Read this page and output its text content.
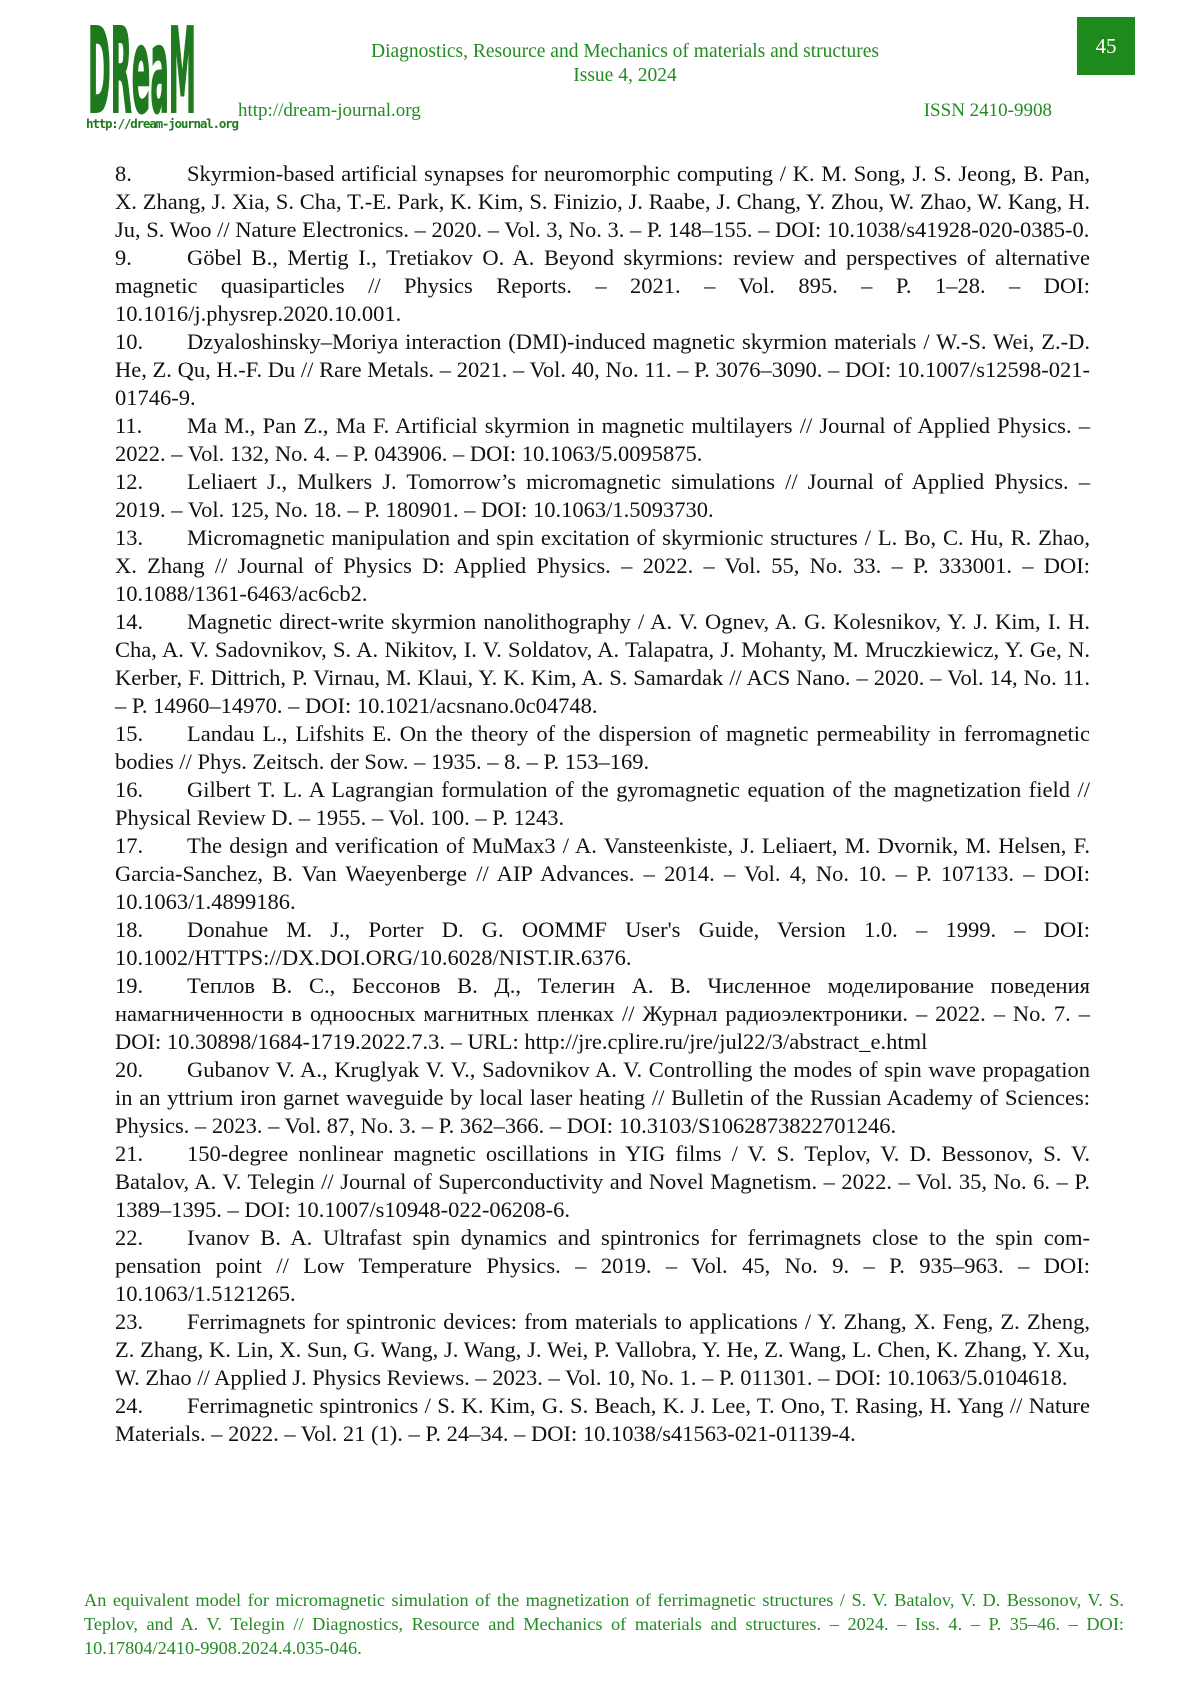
DReaM
http://dream-journal.org
Diagnostics, Resource and Mechanics of materials and structures
Issue 4, 2024
45
http://dream-journal.org	ISSN 2410-9908

8. Skyrmion-based artificial synapses for neuromorphic computing / K. M. Song, J. S. Jeong, B. Pan, X. Zhang, J. Xia, S. Cha, T.-E. Park, K. Kim, S. Finizio, J. Raabe, J. Chang, Y. Zhou, W. Zhao, W. Kang, H. Ju, S. Woo // Nature Electronics. – 2020. – Vol. 3, No. 3. – P. 148–155. – DOI: 10.1038/s41928-020-0385-0.

9. Göbel B., Mertig I., Tretiakov O. A. Beyond skyrmions: review and perspectives of alternative magnetic quasiparticles // Physics Reports. – 2021. – Vol. 895. – P. 1–28. – DOI: 10.1016/j.physrep.2020.10.001.

10. Dzyaloshinsky–Moriya interaction (DMI)-induced magnetic skyrmion materials / W.-S. Wei, Z.-D. He, Z. Qu, H.-F. Du // Rare Metals. – 2021. – Vol. 40, No. 11. – P. 3076–3090. – DOI: 10.1007/s12598-021-01746-9.

11. Ma M., Pan Z., Ma F. Artificial skyrmion in magnetic multilayers // Journal of Applied Physics. – 2022. – Vol. 132, No. 4. – P. 043906. – DOI: 10.1063/5.0095875.

12. Leliaert J., Mulkers J. Tomorrow’s micromagnetic simulations // Journal of Applied Physics. – 2019. – Vol. 125, No. 18. – P. 180901. – DOI: 10.1063/1.5093730.

13. Micromagnetic manipulation and spin excitation of skyrmionic structures / L. Bo, C. Hu, R. Zhao, X. Zhang // Journal of Physics D: Applied Physics. – 2022. – Vol. 55, No. 33. – P. 333001. – DOI: 10.1088/1361-6463/ac6cb2.

14. Magnetic direct-write skyrmion nanolithography / A. V. Ognev, A. G. Kolesnikov, Y. J. Kim, I. H. Cha, A. V. Sadovnikov, S. A. Nikitov, I. V. Soldatov, A. Talapatra, J. Mohanty, M. Mruczkiewicz, Y. Ge, N. Kerber, F. Dittrich, P. Virnau, M. Klaui, Y. K. Kim, A. S. Samardak // ACS Nano. – 2020. – Vol. 14, No. 11. – P. 14960–14970. – DOI: 10.1021/acsnano.0c04748.

15. Landau L., Lifshits E. On the theory of the dispersion of magnetic permeability in ferromagnetic bodies // Phys. Zeitsch. der Sow. – 1935. – 8. – P. 153–169.

16. Gilbert T. L. A Lagrangian formulation of the gyromagnetic equation of the magnetization field // Physical Review D. – 1955. – Vol. 100. – P. 1243.

17. The design and verification of MuMax3 / A. Vansteenkiste, J. Leliaert, M. Dvornik, M. Helsen, F. Garcia-Sanchez, B. Van Waeyenberge // AIP Advances. – 2014. – Vol. 4, No. 10. – P. 107133. – DOI: 10.1063/1.4899186.

18. Donahue M. J., Porter D. G. OOMMF User's Guide, Version 1.0. – 1999. – DOI: 10.1002/HTTPS://DX.DOI.ORG/10.6028/NIST.IR.6376.

19. Теплов В. С., Бессонов В. Д., Телегин А. В. Численное моделирование поведения намагниченности в одноосных магнитных пленках // Журнал радиоэлектроники. – 2022. – No. 7. – DOI: 10.30898/1684-1719.2022.7.3. – URL: http://jre.cplire.ru/jre/jul22/3/abstract_e.html

20. Gubanov V. A., Kruglyak V. V., Sadovnikov A. V. Controlling the modes of spin wave propagation in an yttrium iron garnet waveguide by local laser heating // Bulletin of the Russian Academy of Sciences: Physics. – 2023. – Vol. 87, No. 3. – P. 362–366. – DOI: 10.3103/S1062873822701246.

21. 150-degree nonlinear magnetic oscillations in YIG films / V. S. Teplov, V. D. Bessonov, S. V. Batalov, A. V. Telegin // Journal of Superconductivity and Novel Magnetism. – 2022. – Vol. 35, No. 6. – P. 1389–1395. – DOI: 10.1007/s10948-022-06208-6.

22. Ivanov B. A. Ultrafast spin dynamics and spintronics for ferrimagnets close to the spin compensation point // Low Temperature Physics. – 2019. – Vol. 45, No. 9. – P. 935–963. – DOI: 10.1063/1.5121265.

23. Ferrimagnets for spintronic devices: from materials to applications / Y. Zhang, X. Feng, Z. Zheng, Z. Zhang, K. Lin, X. Sun, G. Wang, J. Wang, J. Wei, P. Vallobra, Y. He, Z. Wang, L. Chen, K. Zhang, Y. Xu, W. Zhao // Applied J. Physics Reviews. – 2023. – Vol. 10, No. 1. – P. 011301. – DOI: 10.1063/5.0104618.

24. Ferrimagnetic spintronics / S. K. Kim, G. S. Beach, K. J. Lee, T. Ono, T. Rasing, H. Yang // Nature Materials. – 2022. – Vol. 21 (1). – P. 24–34. – DOI: 10.1038/s41563-021-01139-4.

An equivalent model for micromagnetic simulation of the magnetization of ferrimagnetic structures / S. V. Batalov, V. D. Bessonov, V. S. Teplov, and A. V. Telegin // Diagnostics, Resource and Mechanics of materials and structures. – 2024. – Iss. 4. – P. 35–46. – DOI: 10.17804/2410-9908.2024.4.035-046.
